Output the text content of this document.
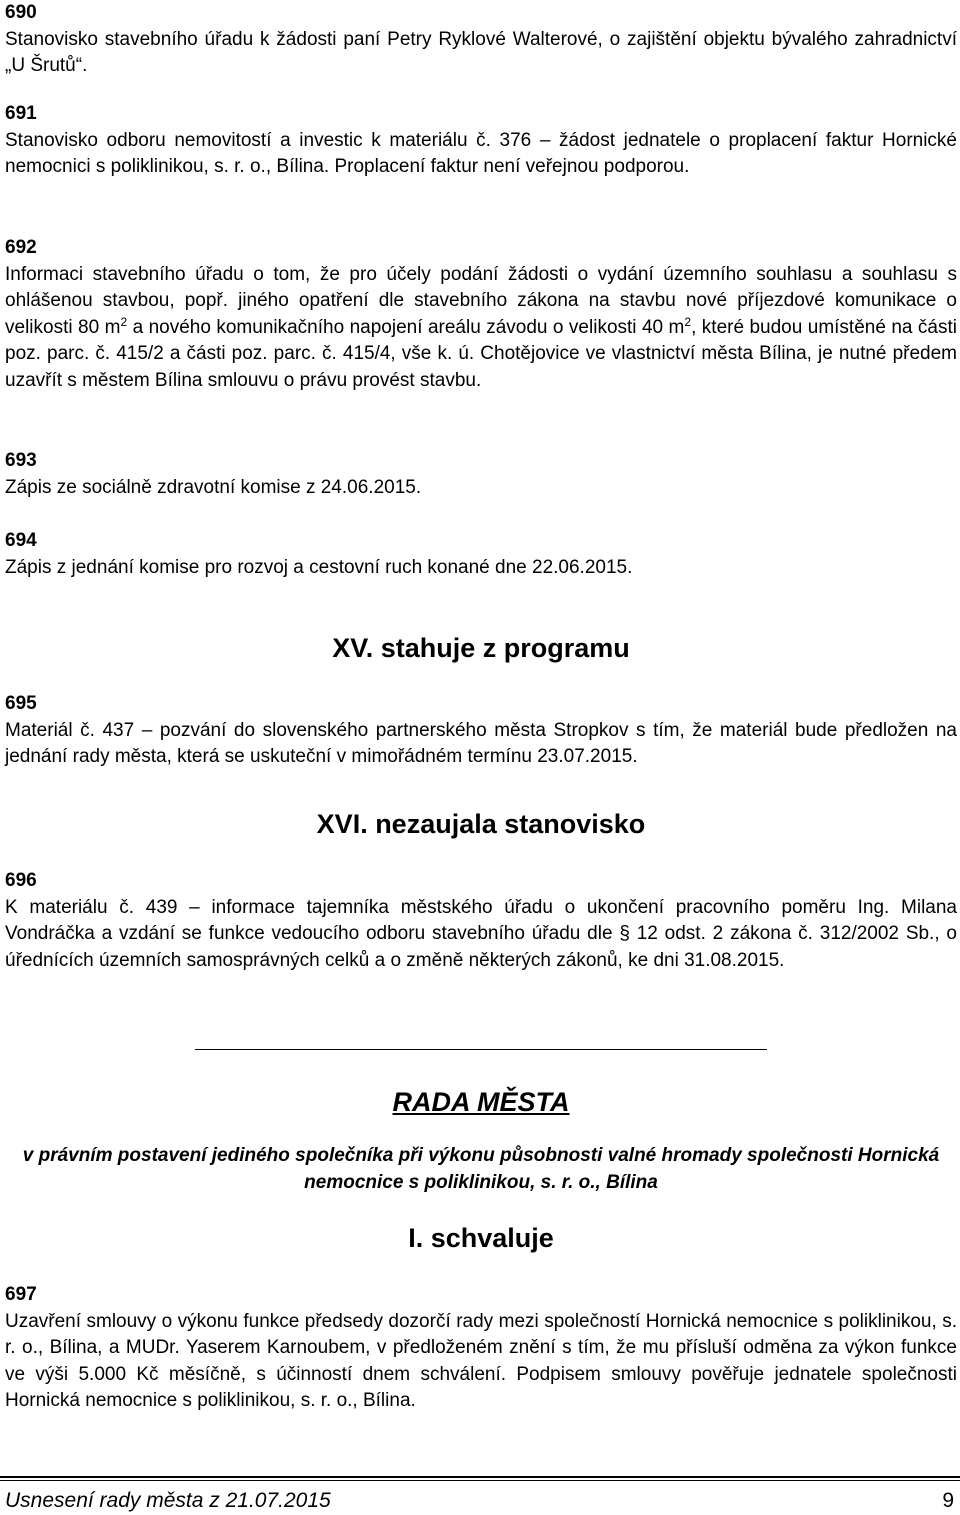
690
Stanovisko stavebního úřadu k žádosti paní Petry Ryklové Walterové, o zajištění objektu bývalého zahradnictví „U Šrutů“.
691
Stanovisko odboru nemovitostí a investic k materiálu č. 376 – žádost jednatele o proplacení faktur Hornické nemocnici s poliklinikou, s. r. o., Bílina. Proplacení faktur není veřejnou podporou.
692
Informaci stavebního úřadu o tom, že pro účely podání žádosti o vydání územního souhlasu a souhlasu s ohlášenou stavbou, popř. jiného opatření dle stavebního zákona na stavbu nové příjezdové komunikace o velikosti 80 $m^2$ a nového komunikačního napojení areálu závodu o velikosti 40 $m^2$, které budou umístěné na části poz. parc. č. 415/2 a části poz. parc. č. 415/4, vše k. ú. Chotějovice ve vlastnictví města Bílina, je nutné předem uzavřít s městem Bílina smlouvu o právu provést stavbu.
693
Zápis ze sociálně zdravotní komise z 24.06.2015.
694
Zápis z jednání komise pro rozvoj a cestovní ruch konané dne 22.06.2015.
XV. stahuje z programu
695
Materiál č. 437 – pozvání do slovenského partnerského města Stropkov s tím, že materiál bude předložen na jednání rady města, která se uskuteční v mimořádném termínu 23.07.2015.
XVI. nezaujala stanovisko
696
K materiálu č. 439 – informace tajemníka městského úřadu o ukončení pracovního poměru Ing. Milana Vondráčka a vzdání se funkce vedoucího odboru stavebního úřadu dle § 12 odst. 2 zákona č. 312/2002 Sb., o úřednících územních samosprávných celků a o změně některých zákonů, ke dni 31.08.2015.
RADA MĚSTA

v právním postavení jediného společníka při výkonu působnosti valné hromady společnosti Hornická nemocnice s poliklinikou, s. r. o., Bílina

I. schvaluje
697
Uzavření smlouvy o výkonu funkce předsedy dozorčí rady mezi společností Hornická nemocnice s poliklinikou, s. r. o., Bílina, a MUDr. Yaserem Karnoubem, v předloženém znění s tím, že mu přísluší odměna za výkon funkce ve výši 5.000 Kč měsíčně, s účinností dnem schválení. Podpisem smlouvy pověřuje jednatele společnosti Hornická nemocnice s poliklinikou, s. r. o., Bílina.
Usnesení rady města z 21.07.2015	9
